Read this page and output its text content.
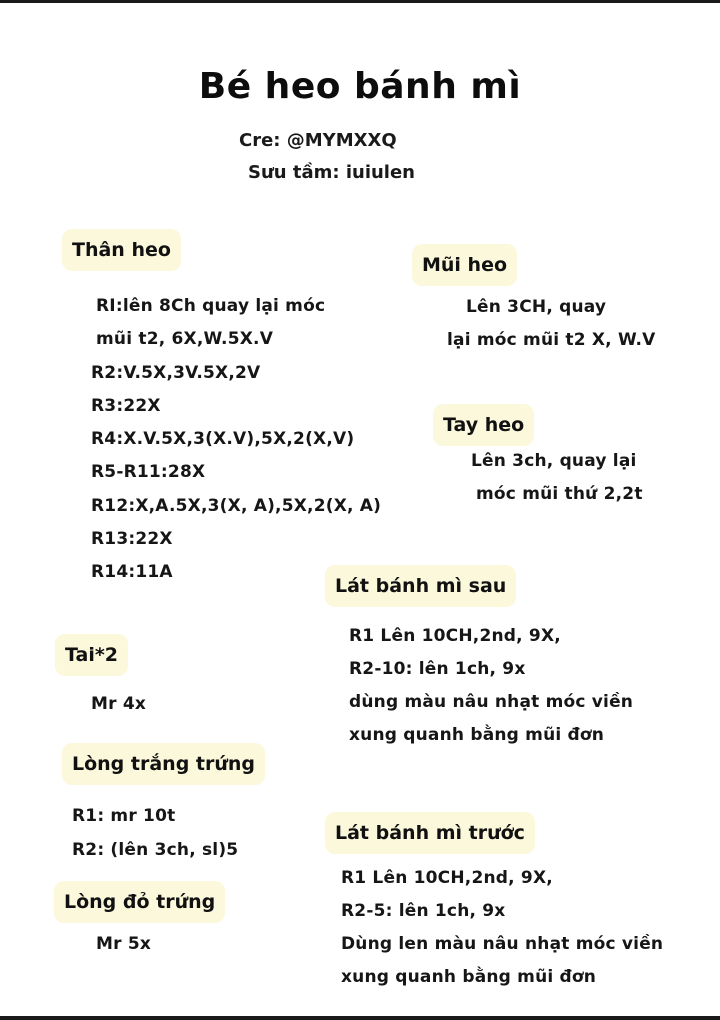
Bé heo bánh mì
Cre: @MYMXXQ
Sưu tầm: iuiulen
Thân heo
RI:lên 8Ch quay lại móc
mũi t2, 6X,W.5X.V
R2:V.5X,3V.5X,2V
R3:22X
R4:X.V.5X,3(X.V),5X,2(X,V)
R5-R11:28X
R12:X,A.5X,3(X, A),5X,2(X, A)
R13:22X
R14:11A
Mũi heo
Lên 3CH, quay
lại móc mũi t2 X, W.V
Tay heo
Lên 3ch, quay lại
móc mũi thứ 2,2t
Lát bánh mì sau
R1 Lên 10CH,2nd, 9X,
R2-10: lên 1ch, 9x
dùng màu nâu nhạt móc viền
xung quanh bằng mũi đơn
Tai*2
Mr 4x
Lòng trắng trứng
R1: mr 10t
R2: (lên 3ch, sl)5
Lát bánh mì trước
R1 Lên 10CH,2nd, 9X,
R2-5: lên 1ch, 9x
Dùng len màu nâu nhạt móc viền
xung quanh bằng mũi đơn
Lòng đỏ trứng
Mr 5x
